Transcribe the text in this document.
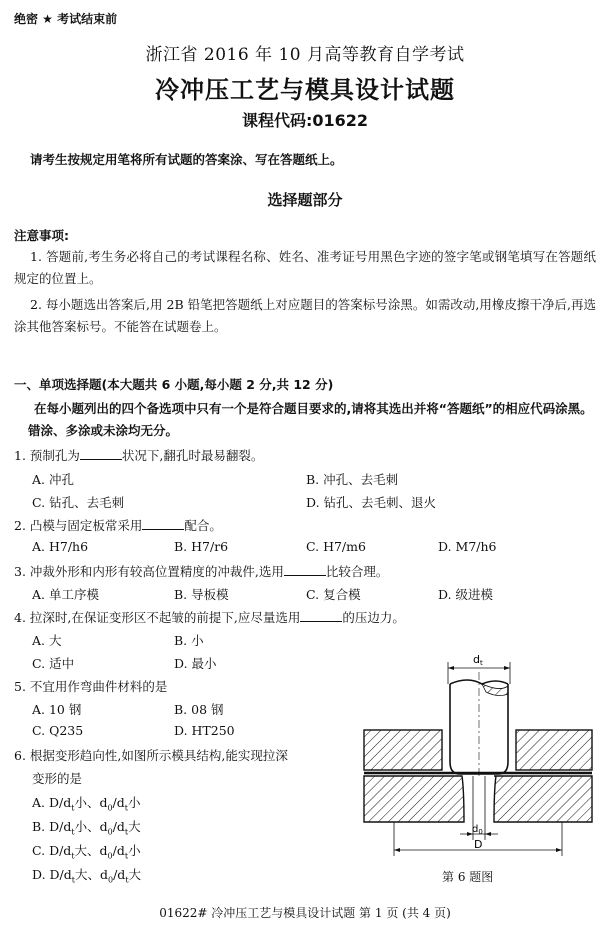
绝密 ★ 考试结束前
浙江省 2016 年 10 月高等教育自学考试
冷冲压工艺与模具设计试题
课程代码:01622
请考生按规定用笔将所有试题的答案涂、写在答题纸上。
选择题部分
注意事项:
1. 答题前,考生务必将自己的考试课程名称、姓名、准考证号用黑色字迹的签字笔或钢笔填写在答题纸规定的位置上。
2. 每小题选出答案后,用 2B 铅笔把答题纸上对应题目的答案标号涂黑。如需改动,用橡皮擦干净后,再选涂其他答案标号。不能答在试题卷上。
一、单项选择题(本大题共 6 小题,每小题 2 分,共 12 分)
在每小题列出的四个备选项中只有一个是符合题目要求的,请将其选出并将“答题纸”的相应代码涂黑。错涂、多涂或未涂均无分。
1. 预制孔为	状况下,翻孔时最易翻裂。
A. 冲孔	B. 冲孔、去毛刺
C. 钻孔、去毛刺	D. 钻孔、去毛刺、退火
2. 凸模与固定板常采用	配合。
A. H7/h6	B. H7/r6	C. H7/m6	D. M7/h6
3. 冲裁外形和内形有较高位置精度的冲裁件,选用	比较合理。
A. 单工序模	B. 导板模	C. 复合模	D. 级进模
4. 拉深时,在保证变形区不起皱的前提下,应尽量选用	的压边力。
A. 大	B. 小
C. 适中	D. 最小
5. 不宜用作弯曲件材料的是
A. 10 钢	B. 08 钢
C. Q235	D. HT250
6. 根据变形趋向性,如图所示模具结构,能实现拉深
变形的是
A. $D/d_t$小、$d_0/d_t$小
B. $D/d_t$小、$d_0/d_t$大
C. $D/d_t$大、$d_0/d_t$小
D. $D/d_t$大、$d_0/d_t$大
dt
$d_0$
D
第 6 题图
01622# 冷冲压工艺与模具设计试题 第 1 页 (共 4 页)
